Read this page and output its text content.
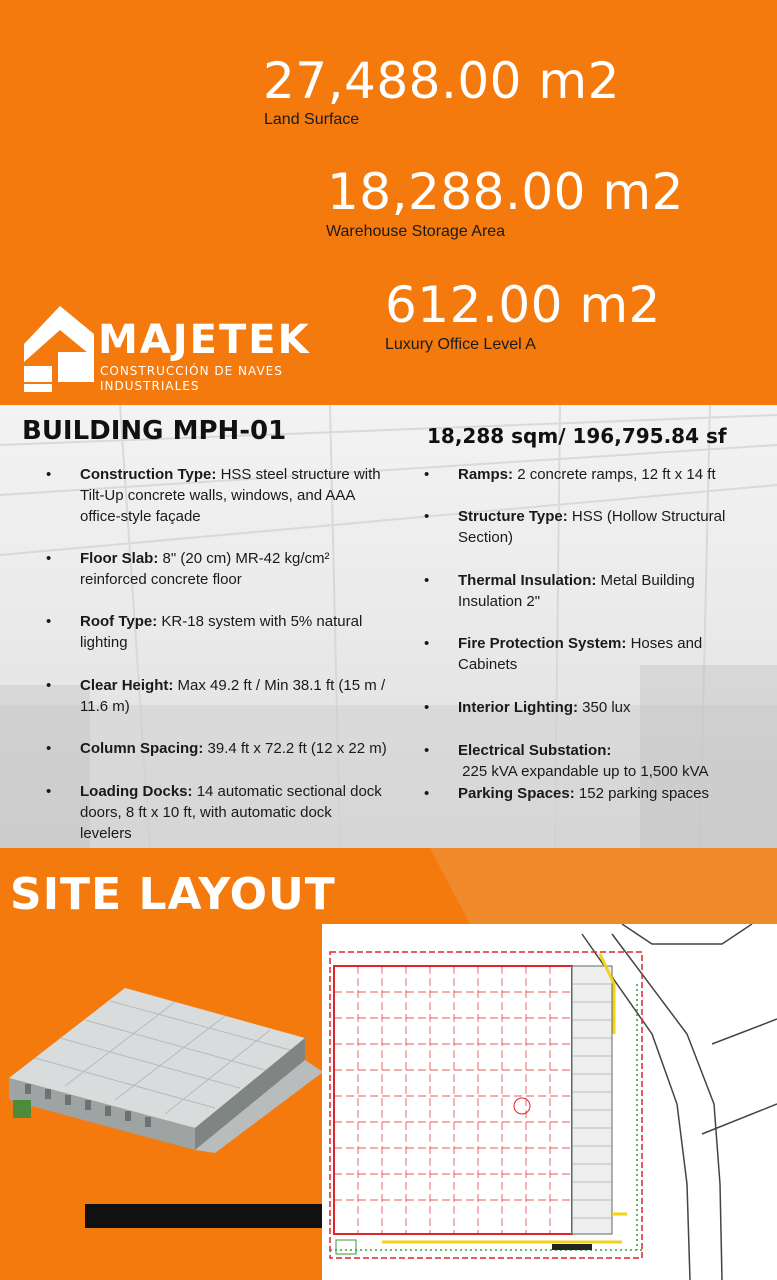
27,488.00 m2
Land Surface
18,288.00 m2
Warehouse Storage Area
612.00 m2
Luxury Office Level A
MAJETEK
CONSTRUCCIÓN DE NAVES
INDUSTRIALES
BUILDING MPH-01	18,288 sqm/ 196,795.84 sf
• Construction Type: HSS steel structure with
Tilt-Up concrete walls, windows, and AAA
office-style façade
• Floor Slab: 8" (20 cm) MR-42 kg/cm²
reinforced concrete floor
• Roof Type: KR-18 system with 5% natural
lighting
• Clear Height: Max 49.2 ft / Min 38.1 ft (15 m /
11.6 m)
• Column Spacing: 39.4 ft x 72.2 ft (12 x 22 m)
• Loading Docks: 14 automatic sectional dock
doors, 8 ft x 10 ft, with automatic dock
levelers
• Ramps: 2 concrete ramps, 12 ft x 14 ft
• Structure Type: HSS (Hollow Structural
Section)
• Thermal Insulation: Metal Building
Insulation 2"
• Fire Protection System: Hoses and
Cabinets
• Interior Lighting: 350 lux
• Electrical Substation:
225 kVA expandable up to 1,500 kVA
• Parking Spaces: 152 parking spaces
SITE LAYOUT
